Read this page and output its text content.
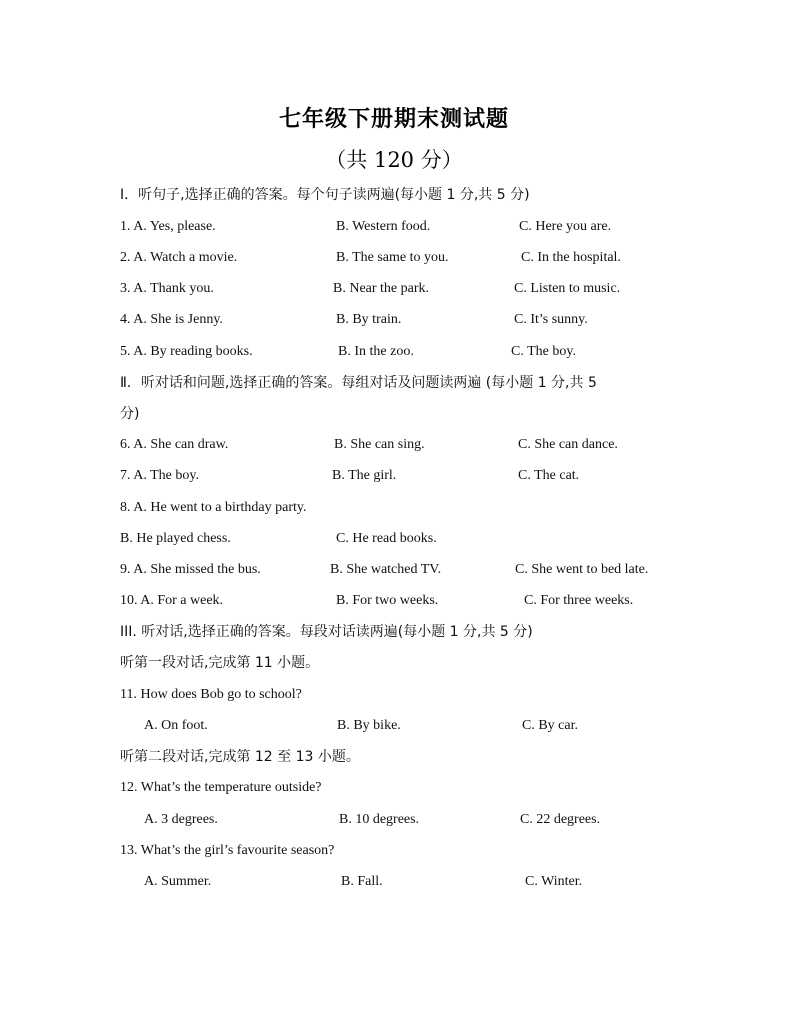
七年级下册期末测试题
（共 120 分）
Ⅰ．听句子,选择正确的答案。每个句子读两遍(每小题 1 分,共 5 分)
1. A. Yes, please.	B. Western food.	C. Here you are.
2. A. Watch a movie.	B. The same to you.	C. In the hospital.
3. A. Thank you.	B. Near the park.	C. Listen to music.
4. A. She is Jenny.	B. By train.	C. It’s sunny.
5. A. By reading books.	B. In the zoo.	C. The boy.
Ⅱ．听对话和问题,选择正确的答案。每组对话及问题读两遍 (每小题 1 分,共 5
分)
6. A. She can draw.	B. She can sing.	C. She can dance.
7. A. The boy.	B. The girl.	C. The cat.
8. A. He went to a birthday party.
B. He played chess.	C. He read books.
9. A. She missed the bus.	B. She watched TV.	C. She went to bed late.
10. A. For a week.	B. For two weeks.	C. For three weeks.
III. 听对话,选择正确的答案。每段对话读两遍(每小题 1 分,共 5 分)
听第一段对话,完成第 11 小题。
11. How does Bob go to school?
A. On foot.	B. By bike.	C. By car.
听第二段对话,完成第 12 至 13 小题。
12. What’s the temperature outside?
A. 3 degrees.	B. 10 degrees.	C. 22 degrees.
13. What’s the girl’s favourite season?
A. Summer.	B. Fall.	C. Winter.
